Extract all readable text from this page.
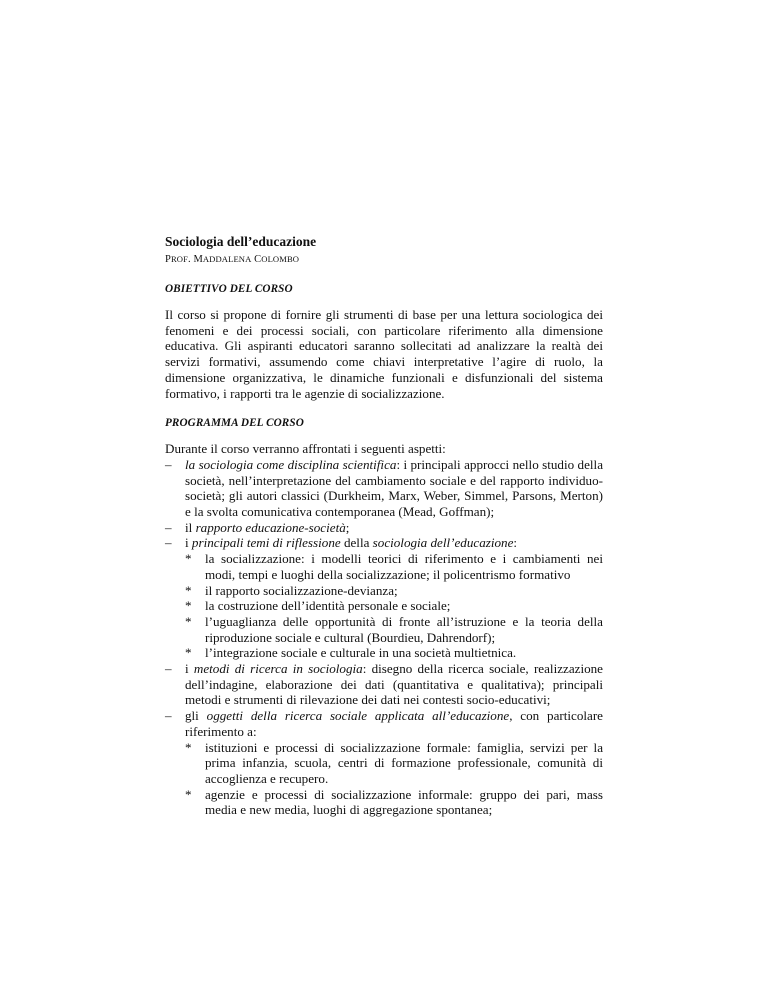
Sociologia dell’educazione

PROF. MADDALENA COLOMBO

OBIETTIVO DEL CORSO

Il corso si propone di fornire gli strumenti di base per una lettura sociologica dei fenomeni e dei processi sociali, con particolare riferimento alla dimensione educativa. Gli aspiranti educatori saranno sollecitati ad analizzare la realtà dei servizi formativi, assumendo come chiavi interpretative l’agire di ruolo, la dimensione organizzativa, le dinamiche funzionali e disfunzionali del sistema formativo, i rapporti tra le agenzie di socializzazione.

PROGRAMMA DEL CORSO

Durante il corso verranno affrontati i seguenti aspetti:

– la sociologia come disciplina scientifica: i principali approcci nello studio della società, nell’interpretazione del cambiamento sociale e del rapporto individuo-società; gli autori classici (Durkheim, Marx, Weber, Simmel, Parsons, Merton) e la svolta comunicativa contemporanea (Mead, Goffman);
– il rapporto educazione-società;
– i principali temi di riflessione della sociologia dell’educazione:
* la socializzazione: i modelli teorici di riferimento e i cambiamenti nei modi, tempi e luoghi della socializzazione; il policentrismo formativo
* il rapporto socializzazione-devianza;
* la costruzione dell’identità personale e sociale;
* l’uguaglianza delle opportunità di fronte all’istruzione e la teoria della riproduzione sociale e cultural (Bourdieu, Dahrendorf);
* l’integrazione sociale e culturale in una società multietnica.
– i metodi di ricerca in sociologia: disegno della ricerca sociale, realizzazione dell’indagine, elaborazione dei dati (quantitativa e qualitativa); principali metodi e strumenti di rilevazione dei dati nei contesti socio-educativi;
– gli oggetti della ricerca sociale applicata all’educazione, con particolare riferimento a:
* istituzioni e processi di socializzazione formale: famiglia, servizi per la prima infanzia, scuola, centri di formazione professionale, comunità di accoglienza e recupero.
* agenzie e processi di socializzazione informale: gruppo dei pari, mass media e new media, luoghi di aggregazione spontanea;
